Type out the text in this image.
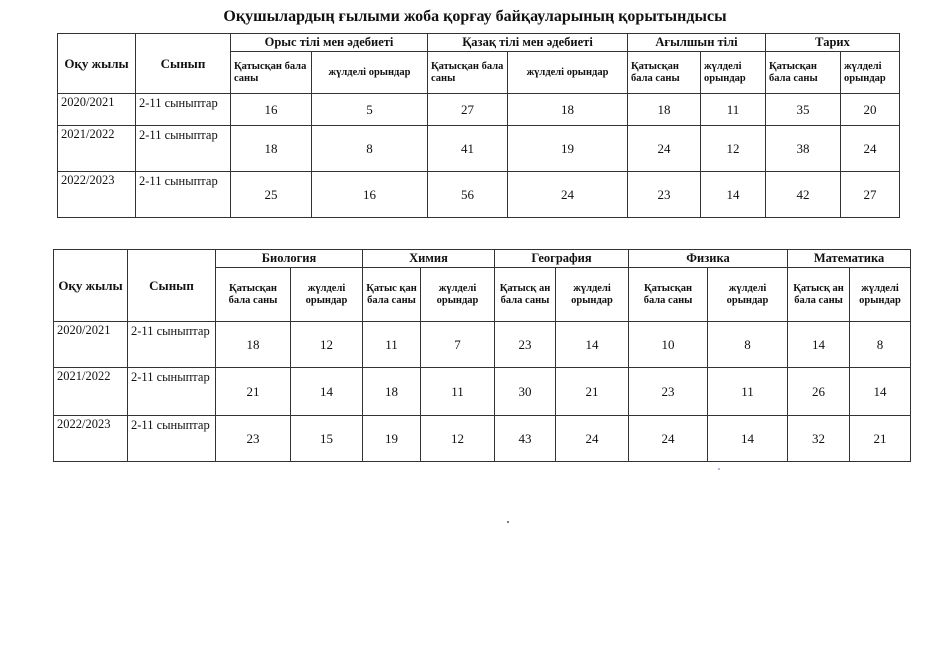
Оқушылардың ғылыми жоба қорғау байқауларының қорытындысы
Оқу жылы	Сынып	Орыс тілі мен әдебиеті		Қазақ тілі мен әдебиеті		Ағылшын тілі		Тарих	
		Қатысқан бала саны	жүлделі орындар	Қатысқан бала саны	жүлделі орындар	Қатысқан бала саны	жүлделі орындар	Қатысқан бала саны	жүлделі орындар
2020/2021	2-11 сыныптар	16	5	27	18	18	11	35	20
2021/2022	2-11 сыныптар	18	8	41	19	24	12	38	24
2022/2023	2-11 сыныптар	25	16	56	24	23	14	42	27
Оқу жылы	Сынып	Биология		Химия		География		Физика		Математика	
		Қатысқан бала саны	жүлделі орындар	Қатыс қан бала саны	жүлделі орындар	Қатысқ ан бала саны	жүлделі орындар	Қатысқан бала саны	жүлделі орындар	Қатысқ ан бала саны	жүлделі орындар
2020/2021	2-11 сыныптар	18	12	11	7	23	14	10	8	14	8
2021/2022	2-11 сыныптар	21	14	18	11	30	21	23	11	26	14
2022/2023	2-11 сыныптар	23	15	19	12	43	24	24	14	32	21
